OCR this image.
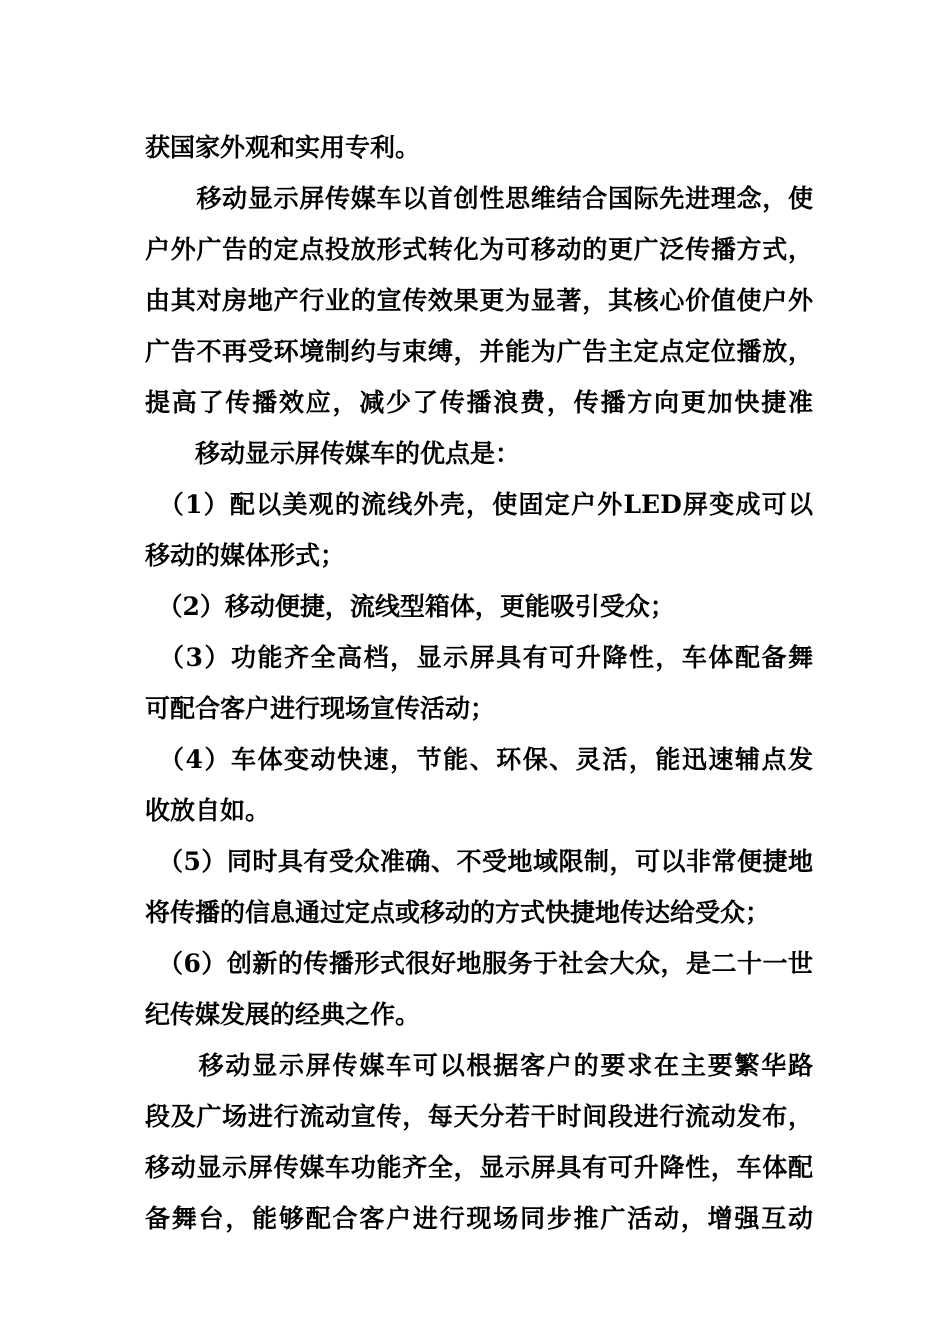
获国家外观和实用专利。
　　移动显示屏传媒车以首创性思维结合国际先进理念，使
户外广告的定点投放形式转化为可移动的更广泛传播方式，
由其对房地产行业的宣传效果更为显著，其核心价值使户外
广告不再受环境制约与束缚，并能为广告主定点定位播放，
提高了传播效应，减少了传播浪费，传播方向更加快捷准
　　移动显示屏传媒车的优点是：
　（1）配以美观的流线外壳，使固定户外LED屏变成可以
移动的媒体形式；
　（2）移动便捷，流线型箱体，更能吸引受众；
　（3）功能齐全高档，显示屏具有可升降性，车体配备舞
可配合客户进行现场宣传活动；
　（4）车体变动快速，节能、环保、灵活，能迅速辅点发
收放自如。
　（5）同时具有受众准确、不受地域限制，可以非常便捷地
将传播的信息通过定点或移动的方式快捷地传达给受众；
　（6）创新的传播形式很好地服务于社会大众，是二十一世
纪传媒发展的经典之作。
　　移动显示屏传媒车可以根据客户的要求在主要繁华路
段及广场进行流动宣传，每天分若干时间段进行流动发布，
移动显示屏传媒车功能齐全，显示屏具有可升降性，车体配
备舞台，能够配合客户进行现场同步推广活动，增强互动
